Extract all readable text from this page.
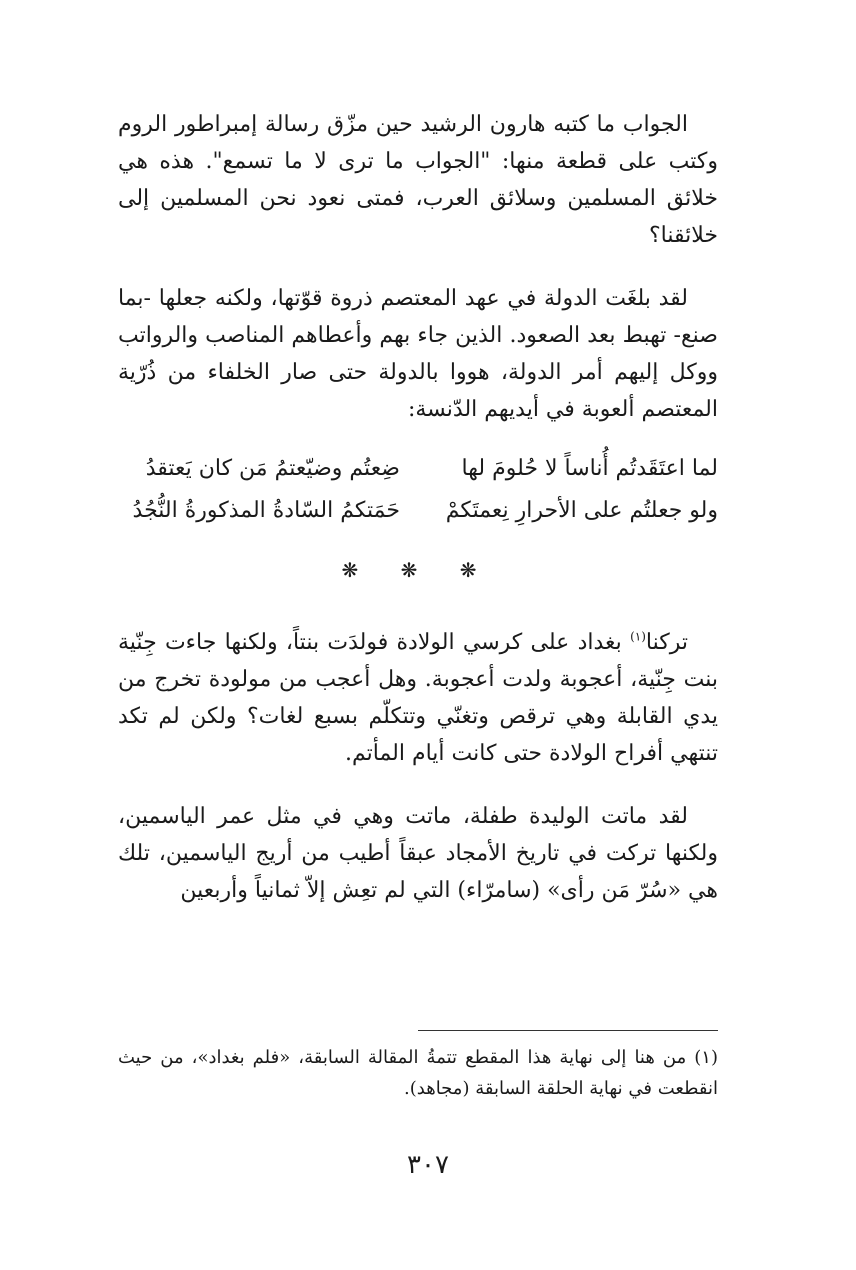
الجواب ما كتبه هارون الرشيد حين مزّق رسالة إمبراطور الروم وكتب على قطعة منها: "الجواب ما ترى لا ما تسمع". هذه هي خلائق المسلمين وسلائق العرب، فمتى نعود نحن المسلمين إلى خلائقنا؟

لقد بلغَت الدولة في عهد المعتصم ذروة قوّتها، ولكنه جعلها -بما صنع- تهبط بعد الصعود. الذين جاء بهم وأعطاهم المناصب والرواتب ووكل إليهم أمر الدولة، هووا بالدولة حتى صار الخلفاء من ذُرّية المعتصم ألعوبة في أيديهم الدّنسة:

لما اعتَقَدتُم أُناساً لا حُلومَ لها
ضِعتُم وضيّعتمُ مَن كان يَعتقدُ
ولو جعلتُم على الأحرارِ نِعمتَكمْ
حَمَتكمُ السّادةُ المذكورةُ النُّجُدُ
❋ ❋ ❋

تركنا$^{(١)}$ بغداد على كرسي الولادة فولدَت بنتاً، ولكنها جاءت جِنّية بنت جِنّية، أعجوبة ولدت أعجوبة. وهل أعجب من مولودة تخرج من يدي القابلة وهي ترقص وتغنّي وتتكلّم بسبع لغات؟ ولكن لم تكد تنتهي أفراح الولادة حتى كانت أيام المأتم.

لقد ماتت الوليدة طفلة، ماتت وهي في مثل عمر الياسمين، ولكنها تركت في تاريخ الأمجاد عبقاً أطيب من أريج الياسمين، تلك هي «سُرّ مَن رأى» (سامرّاء) التي لم تعِش إلاّ ثمانياً وأربعين

(١) من هنا إلى نهاية هذا المقطع تتمةُ المقالة السابقة، «فلم بغداد»، من حيث انقطعت في نهاية الحلقة السابقة (مجاهد).
٣٠٧
